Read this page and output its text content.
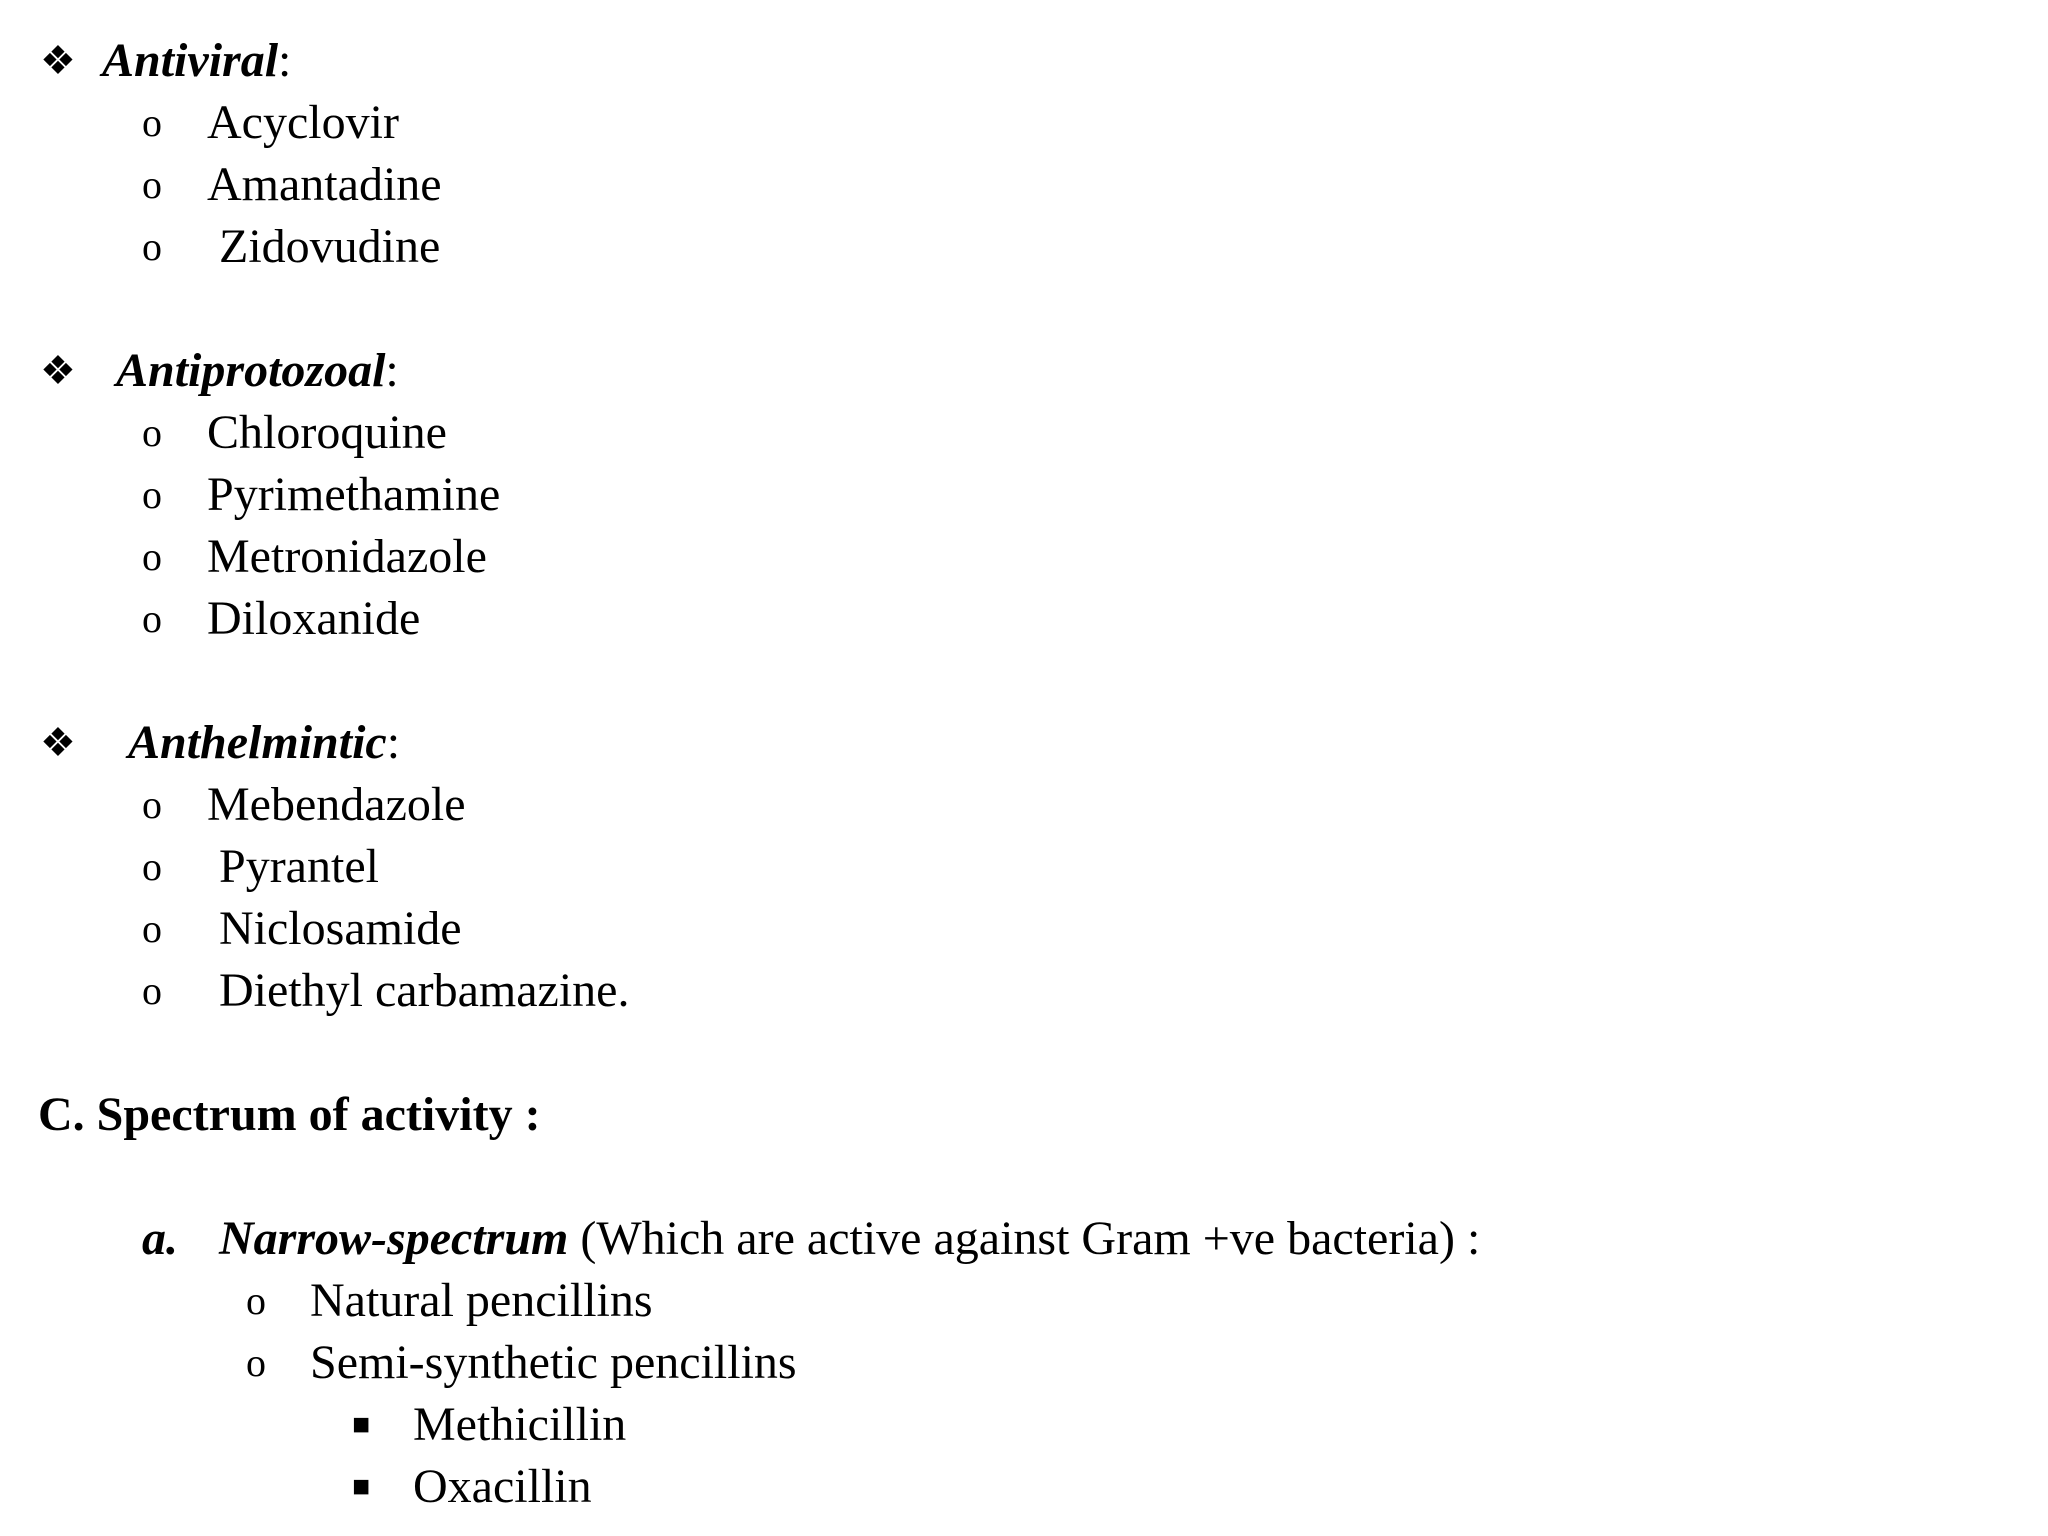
❖ Antiviral:
o Acyclovir
o Amantadine
o Zidovudine
❖ Antiprotozoal:
o Chloroquine
o Pyrimethamine
o Metronidazole
o Diloxanide
❖ Anthelmintic:
o Mebendazole
o Pyrantel
o Niclosamide
o Diethyl carbamazine.
C. Spectrum of activity :
a. Narrow-spectrum (Which are active against Gram +ve bacteria) :
o Natural pencillins
o Semi-synthetic pencillins
■ Methicillin
■ Oxacillin
